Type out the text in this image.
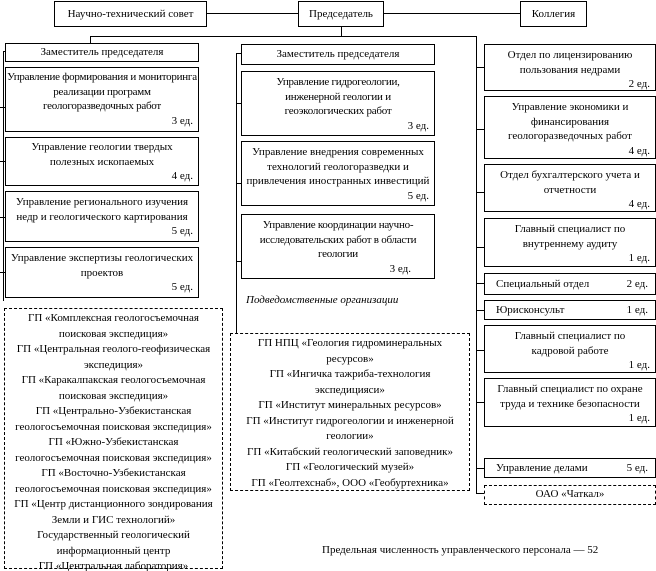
Научно-технический совет	Председатель	Коллегия
Заместитель председателя
Управление формирования и мониторинга реализации программ геологоразведочных работ
3 ед.
Управление геологии твердых полезных ископаемых
4 ед.
Управление регионального изучения недр и геологического картирования
5 ед.
Управление экспертизы геологических проектов
5 ед.
ГП «Комплексная геологосъемочная поисковая экспедиция»
ГП «Центральная геолого-геофизическая экспедиция»
ГП «Каракалпакская геологосъемочная поисковая экспедиция»
ГП «Центрально-Узбекистанская геологосъемочная поисковая экспедиция»
ГП «Южно-Узбекистанская геологосъемочная поисковая экспедиция»
ГП «Восточно-Узбекистанская геологосъемочная поисковая экспедиция»
ГП «Центр дистанционного зондирования Земли и ГИС технологий»
Государственный геологический информационный центр
ГП «Центральная лаборатория»
Заместитель председателя
Управление гидрогеологии, инженерной геологии и геоэкологических работ
3 ед.
Управление внедрения современных технологий геологоразведки и привлечения иностранных инвестиций
5 ед.
Управление координации научно-исследовательских работ в области геологии
3 ед.
Подведомственные организации
ГП НПЦ «Геология гидроминеральных ресурсов»
ГП «Ингичка тажриба-технология экспедицияси»
ГП «Институт минеральных ресурсов»
ГП «Институт гидрогеологии и инженерной геологии»
ГП «Китабский геологический заповедник»
ГП «Геологический музей»
ГП «Геолтехснаб», ООО «Геобуртехника»
Отдел по лицензированию пользования недрами
2 ед.
Управление экономики и финансирования геологоразведочных работ
4 ед.
Отдел бухгалтерского учета и отчетности
4 ед.
Главный специалист по внутреннему аудиту
1 ед.
Специальный отдел	2 ед.
Юрисконсульт	1 ед.
Главный специалист по кадровой работе
1 ед.
Главный специалист по охране труда и технике безопасности
1 ед.
Управление делами	5 ед.
ОАО «Чаткал»
Предельная численность управленческого персонала — 52
